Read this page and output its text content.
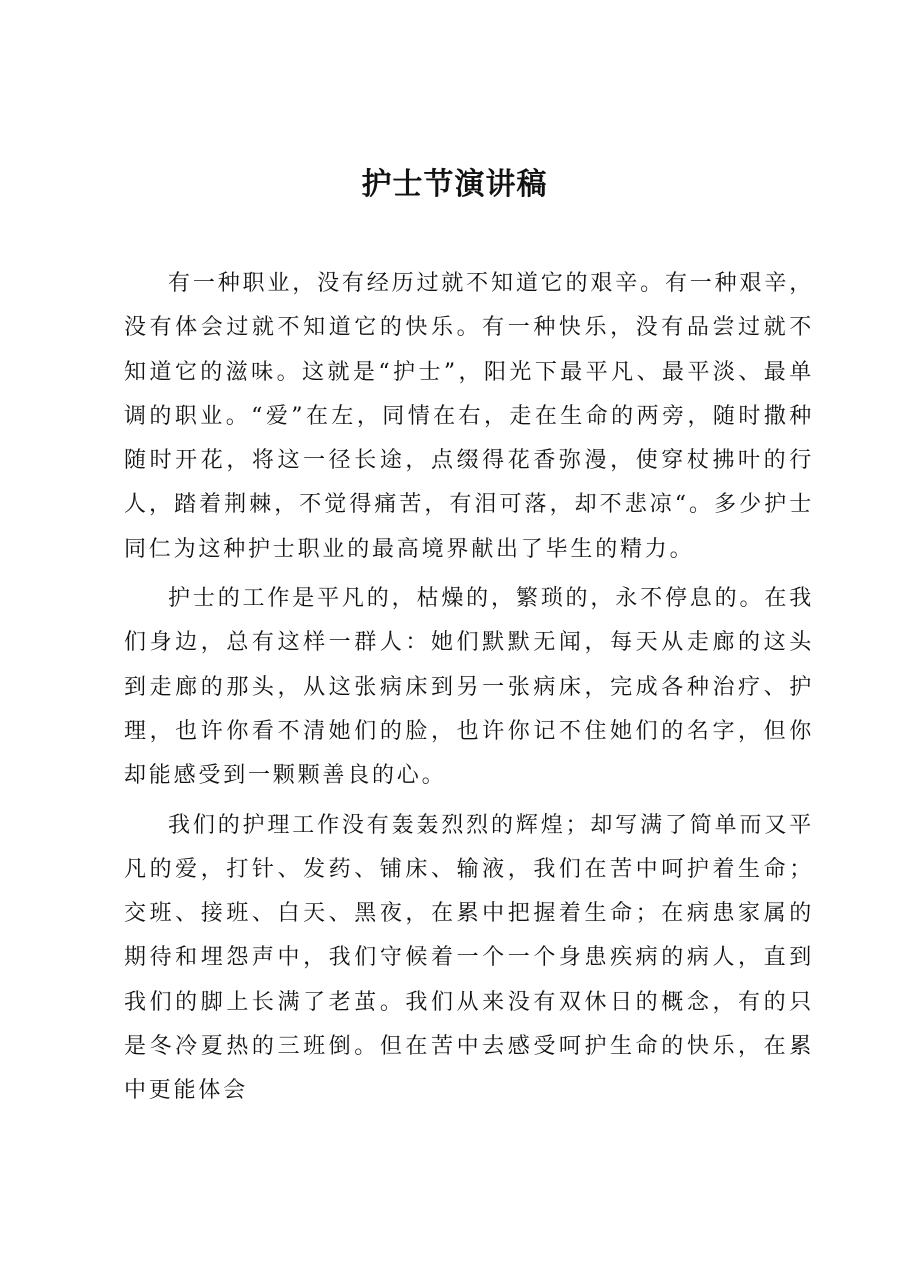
护士节演讲稿

有一种职业，没有经历过就不知道它的艰辛。有一种艰辛，没有体会过就不知道它的快乐。有一种快乐，没有品尝过就不知道它的滋味。这就是“护士”，阳光下最平凡、最平淡、最单调的职业。“爱”在左，同情在右，走在生命的两旁，随时撒种随时开花，将这一径长途，点缀得花香弥漫，使穿杖拂叶的行人，踏着荆棘，不觉得痛苦，有泪可落，却不悲凉“。多少护士同仁为这种护士职业的最高境界献出了毕生的精力。

护士的工作是平凡的，枯燥的，繁琐的，永不停息的。在我们身边，总有这样一群人：她们默默无闻，每天从走廊的这头到走廊的那头，从这张病床到另一张病床，完成各种治疗、护理，也许你看不清她们的脸，也许你记不住她们的名字，但你却能感受到一颗颗善良的心。

我们的护理工作没有轰轰烈烈的辉煌；却写满了简单而又平凡的爱，打针、发药、铺床、输液，我们在苦中呵护着生命；交班、接班、白天、黑夜，在累中把握着生命；在病患家属的期待和埋怨声中，我们守候着一个一个身患疾病的病人，直到我们的脚上长满了老茧。我们从来没有双休日的概念，有的只是冬冷夏热的三班倒。但在苦中去感受呵护生命的快乐，在累中更能体会
